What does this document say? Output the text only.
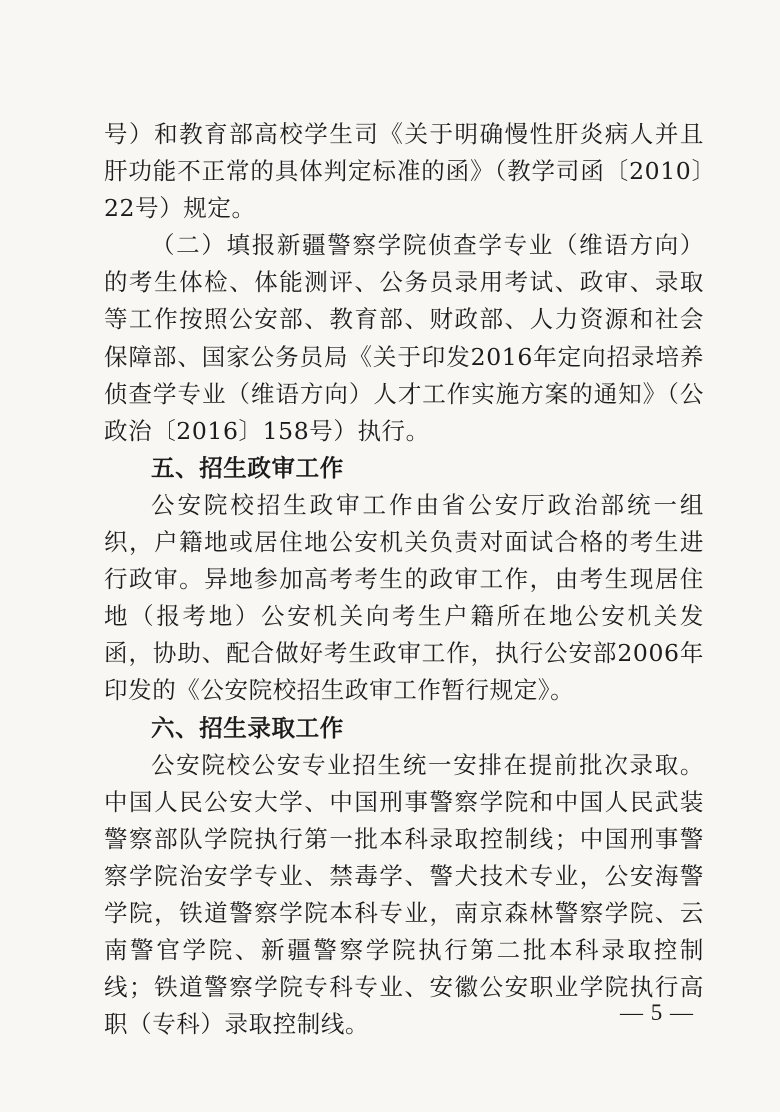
号）和教育部高校学生司《关于明确慢性肝炎病人并且肝功能不正常的具体判定标准的函》（教学司函〔2010〕22号）规定。

（二）填报新疆警察学院侦查学专业（维语方向）的考生体检、体能测评、公务员录用考试、政审、录取等工作按照公安部、教育部、财政部、人力资源和社会保障部、国家公务员局《关于印发2016年定向招录培养侦查学专业（维语方向）人才工作实施方案的通知》（公政治〔2016〕158号）执行。

五、招生政审工作

公安院校招生政审工作由省公安厅政治部统一组织，户籍地或居住地公安机关负责对面试合格的考生进行政审。异地参加高考考生的政审工作，由考生现居住地（报考地）公安机关向考生户籍所在地公安机关发函，协助、配合做好考生政审工作，执行公安部2006年印发的《公安院校招生政审工作暂行规定》。

六、招生录取工作

公安院校公安专业招生统一安排在提前批次录取。中国人民公安大学、中国刑事警察学院和中国人民武装警察部队学院执行第一批本科录取控制线；中国刑事警察学院治安学专业、禁毒学、警犬技术专业，公安海警学院，铁道警察学院本科专业，南京森林警察学院、云南警官学院、新疆警察学院执行第二批本科录取控制线；铁道警察学院专科专业、安徽公安职业学院执行高职（专科）录取控制线。	— 5 —
